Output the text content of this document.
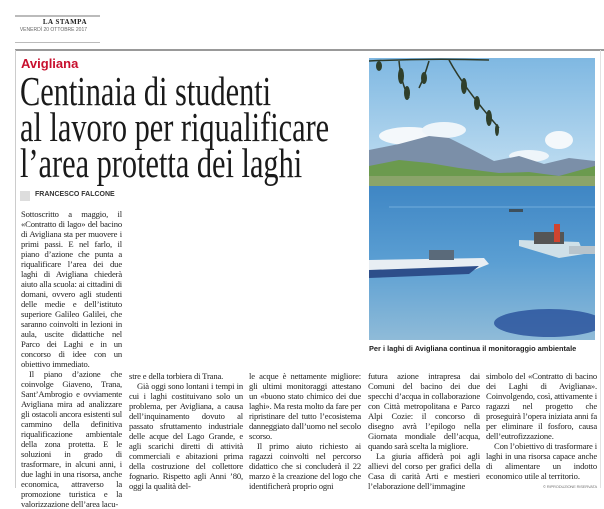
LA STAMPA
VENERDÌ 20 OTTOBRE 2017
Avigliana
Centinaia di studenti
al lavoro per riqualificare
l’area protetta dei laghi
FRANCESCO FALCONE

Sottoscritto a maggio, il «Contratto di lago» del bacino di Avigliana sta per muovere i primi passi. E nel farlo, il piano d’azione che punta a riqualificare l’area dei due laghi di Avigliana chiederà aiuto alla scuola: ai cittadini di domani, ovvero agli studenti delle medie e dell’istituto superiore Galileo Galilei, che saranno coinvolti in lezioni in aula, uscite didattiche nel Parco dei Laghi e in un concorso di idee con un obiettivo immediato.

Il piano d’azione che coinvolge Giaveno, Trana, Sant’Ambrogio e ovviamente Avigliana mira ad analizzare gli ostacoli ancora esistenti sul cammino della definitiva riqualificazione ambientale della zona protetta. E le soluzioni in grado di trasformare, in alcuni anni, i due laghi in una risorsa, anche economica, attraverso la promozione turistica e la valorizzazione dell’area lacu-

stre e della torbiera di Trana.

Già oggi sono lontani i tempi in cui i laghi costituivano solo un problema, per Avigliana, a causa dell’inquinamento dovuto al passato sfruttamento industriale delle acque del Lago Grande, e agli scarichi diretti di attività commerciali e abitazioni prima della costruzione del collettore fognario. Rispetto agli Anni ’80, oggi la qualità del-

le acque è nettamente migliore: gli ultimi monitoraggi attestano un «buono stato chimico dei due laghi». Ma resta molto da fare per ripristinare del tutto l’ecosistema danneggiato dall’uomo nel secolo scorso.

Il primo aiuto richiesto ai ragazzi coinvolti nel percorso didattico che si concluderà il 22 marzo è la creazione del logo che identificherà proprio ogni

futura azione intrapresa dai Comuni del bacino dei due specchi d’acqua in collaborazione con Città metropolitana e Parco Alpi Cozie: il concorso di disegno avrà l’epilogo nella Giornata mondiale dell’acqua, quando sarà scelta la migliore.

La giuria affiderà poi agli allievi del corso per grafici della Casa di carità Arti e mestieri l’elaborazione dell’immagine

simbolo del «Contratto di bacino dei Laghi di Avigliana». Coinvolgendo, così, attivamente i ragazzi nel progetto che proseguirà l’opera iniziata anni fa per eliminare il fosforo, causa dell’eutrofizzazione.

Con l’obiettivo di trasformare i laghi in una risorsa capace anche di alimentare un indotto economico utile al territorio.

© RIPRODUZIONE RISERVATA
Per i laghi di Avigliana continua il monitoraggio ambientale
